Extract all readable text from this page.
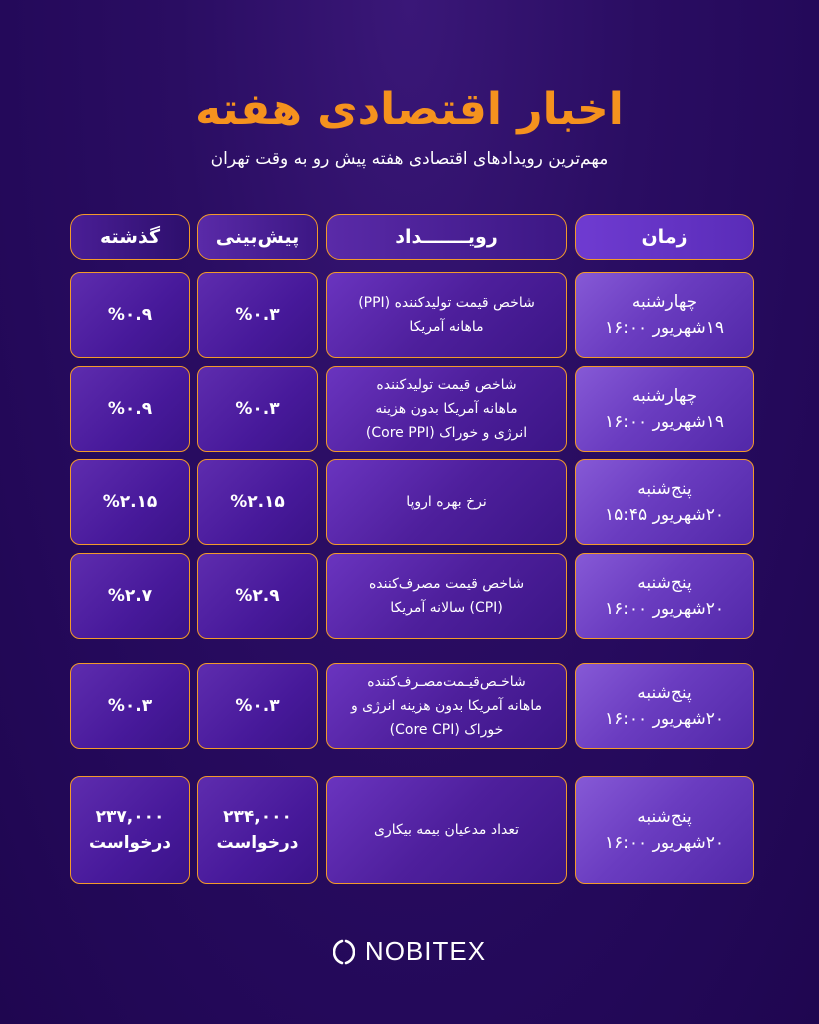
اخبار اقتصادی هفته
مهم‌ترین رویدادهای اقتصادی هفته پیش رو به وقت تهران
زمان
رویـــــــداد
پیش‌بینی
گذشته
چهارشنبه
۱۹شهریور ۱۶:۰۰
شاخص قیمت تولیدکننده (PPI)
ماهانه آمریکا
%۰.۳
%۰.۹
چهارشنبه
۱۹شهریور ۱۶:۰۰
شاخص قیمت تولیدکننده
ماهانه آمریکا بدون هزینه
انرژی و خوراک (Core PPI)
%۰.۳
%۰.۹
پنج‌شنبه
۲۰شهریور ۱۵:۴۵
نرخ بهره اروپا
%۲.۱۵
%۲.۱۵
پنج‌شنبه
۲۰شهریور ۱۶:۰۰
شاخص قیمت مصرف‌کننده
(CPI) سالانه آمریکا
%۲.۹
%۲.۷
پنج‌شنبه
۲۰شهریور ۱۶:۰۰
شاخـص‌قیـمت‌مصـرف‌کننده
ماهانه آمریکا بدون هزینه انرژی و
خوراک (Core CPI)
%۰.۳
%۰.۳
پنج‌شنبه
۲۰شهریور ۱۶:۰۰
تعداد مدعیان بیمه بیکاری
۲۳۴,۰۰۰
درخواست
۲۳۷,۰۰۰
درخواست
NOBITEX
